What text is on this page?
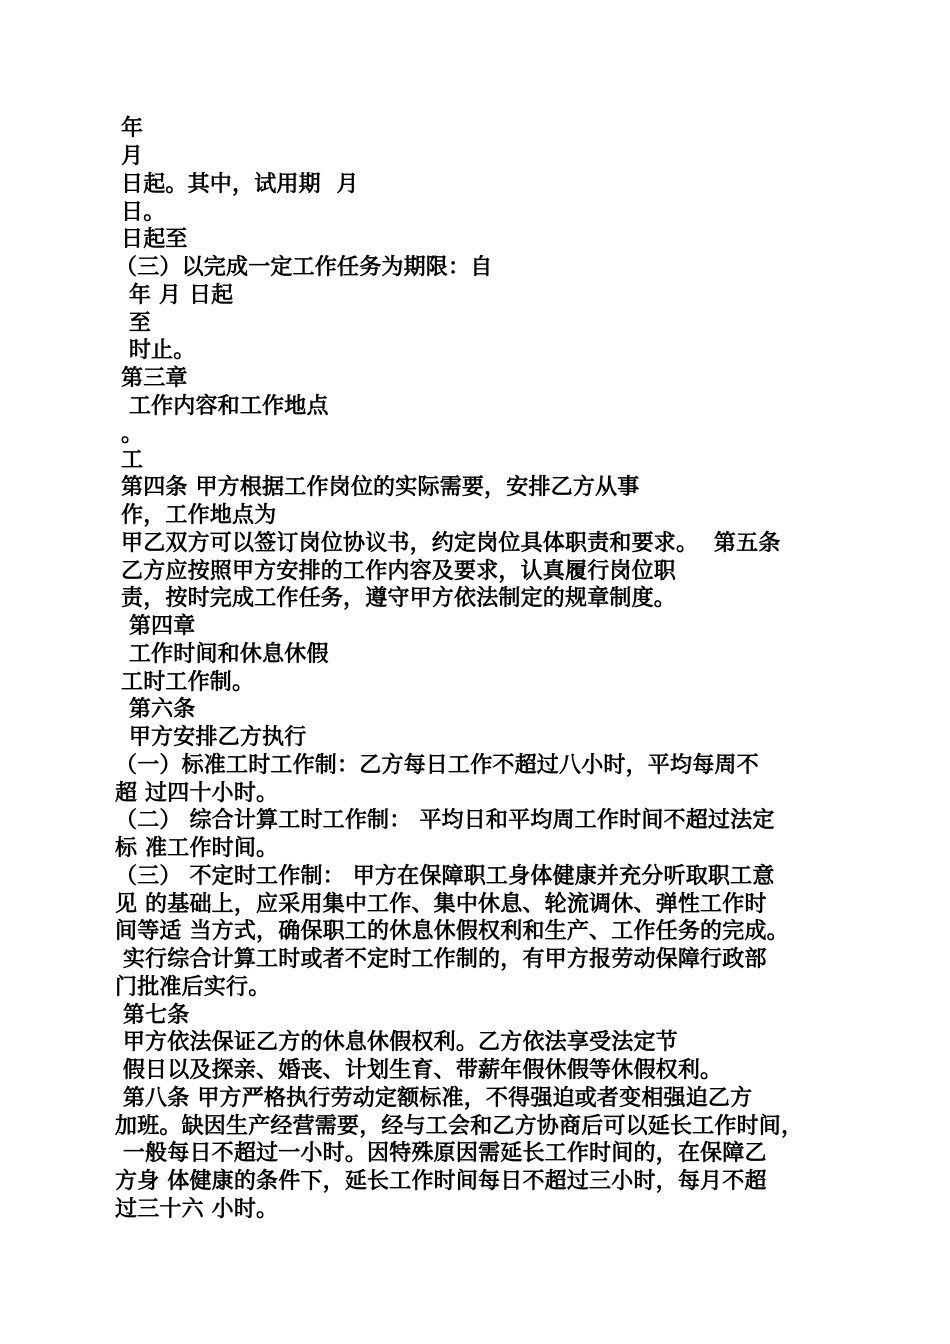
年
月
日起。其中，试用期  月
日。
日起至
（三）以完成一定工作任务为期限：自
年 月 日起
至
时止。
第三章
工作内容和工作地点
。
工
第四条 甲方根据工作岗位的实际需要，安排乙方从事
作，工作地点为
甲乙双方可以签订岗位协议书，约定岗位具体职责和要求。  第五条
乙方应按照甲方安排的工作内容及要求，认真履行岗位职
责，按时完成工作任务，遵守甲方依法制定的规章制度。
第四章
工作时间和休息休假
工时工作制。
第六条
甲方安排乙方执行
（一）标准工时工作制：乙方每日工作不超过八小时，平均每周不
超 过四十小时。
（二） 综合计算工时工作制： 平均日和平均周工作时间不超过法定
标 准工作时间。
（三） 不定时工作制： 甲方在保障职工身体健康并充分听取职工意
见 的基础上，应采用集中工作、集中休息、轮流调休、弹性工作时
间等适 当方式，确保职工的休息休假权利和生产、工作任务的完成。
实行综合计算工时或者不定时工作制的，有甲方报劳动保障行政部
门批准后实行。
第七条
甲方依法保证乙方的休息休假权利。乙方依法享受法定节
假日以及探亲、婚丧、计划生育、带薪年假休假等休假权利。
第八条 甲方严格执行劳动定额标准，不得强迫或者变相强迫乙方
加班。缺因生产经营需要，经与工会和乙方协商后可以延长工作时间，
一般每日不超过一小时。因特殊原因需延长工作时间的，在保障乙
方身 体健康的条件下，延长工作时间每日不超过三小时，每月不超
过三十六 小时。
